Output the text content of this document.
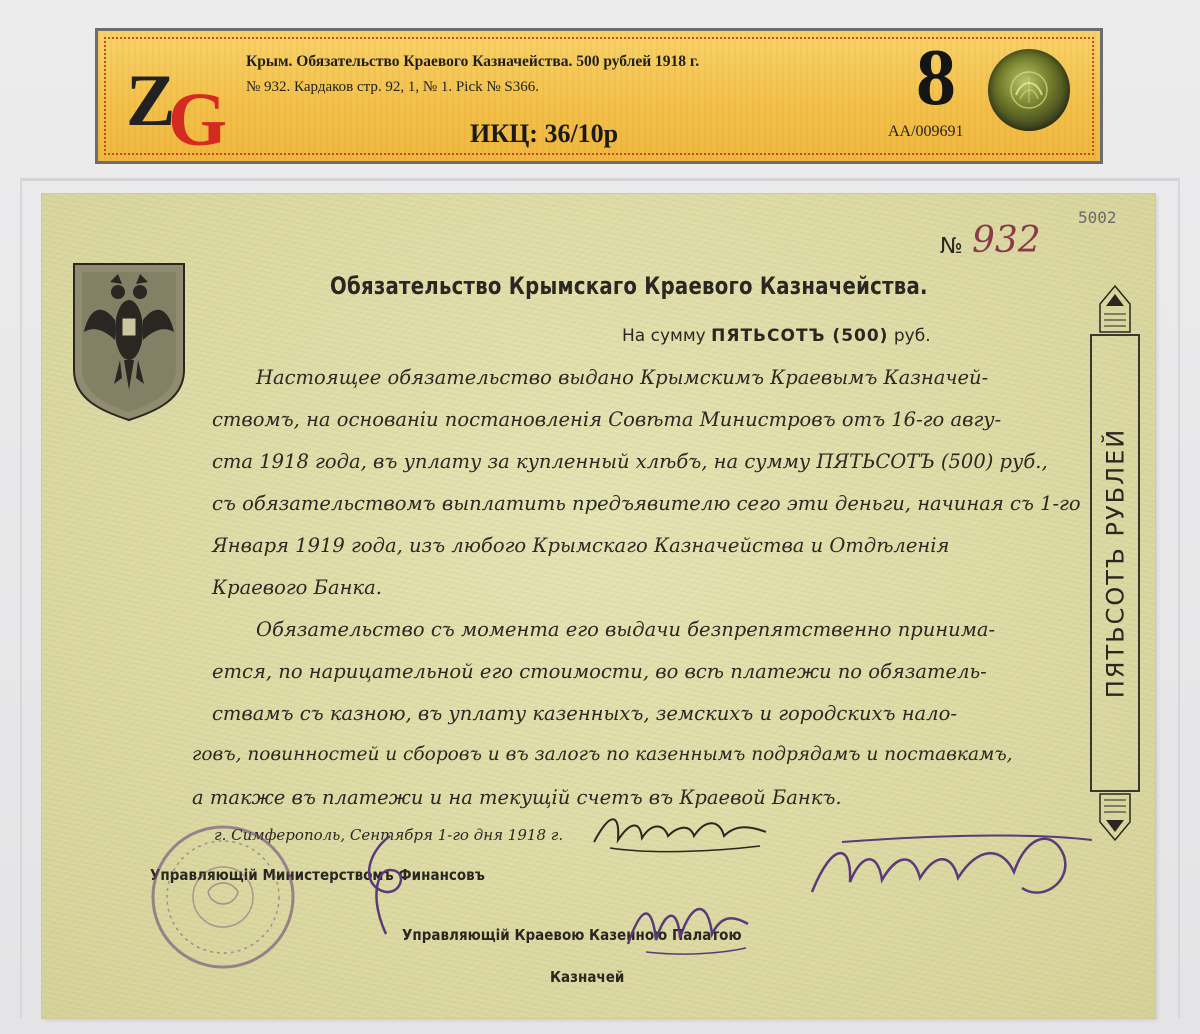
Z
G
Крым. Обязательство Краевого Казначейства. 500 рублей 1918 г.
№ 932. Кардаков стр. 92, 1, № 1. Pick № S366.
ИКЦ: 36/10р
8
AA/009691
Обязательство Крымскаго Краевого Казначейства.
№ 932
5002
На сумму ПЯТЬСОТЪ (500) руб.
Настоящее обязательство выдано Крымскимъ Краевымъ Казначей-
ствомъ, на основаніи постановленія Совѣта Министровъ отъ 16-го авгу-
ста 1918 года, въ уплату за купленный хлѣбъ, на сумму ПЯТЬСОТЪ (500) руб.,
съ обязательствомъ выплатить предъявителю сего эти деньги, начиная съ 1-го
Января 1919 года, изъ любого Крымскаго Казначейства и Отдѣленія
Краевого Банка.
Обязательство съ момента его выдачи безпрепятственно принима-
ется, по нарицательной его стоимости, во всѣ платежи по обязатель-
ствамъ съ казною, въ уплату казенныхъ, земскихъ и городскихъ нало-
говъ, повинностей и сборовъ и въ залогъ по казеннымъ подрядамъ и поставкамъ,
а также въ платежи и на текущій счетъ въ Краевой Банкъ.
г. Симферополь, Сентября 1-го дня 1918 г.
Управляющій Министерствомъ Финансовъ
Управляющій Краевою Казенною Палатою
Казначей
ПЯТЬСОТЪ РУБЛЕЙ
